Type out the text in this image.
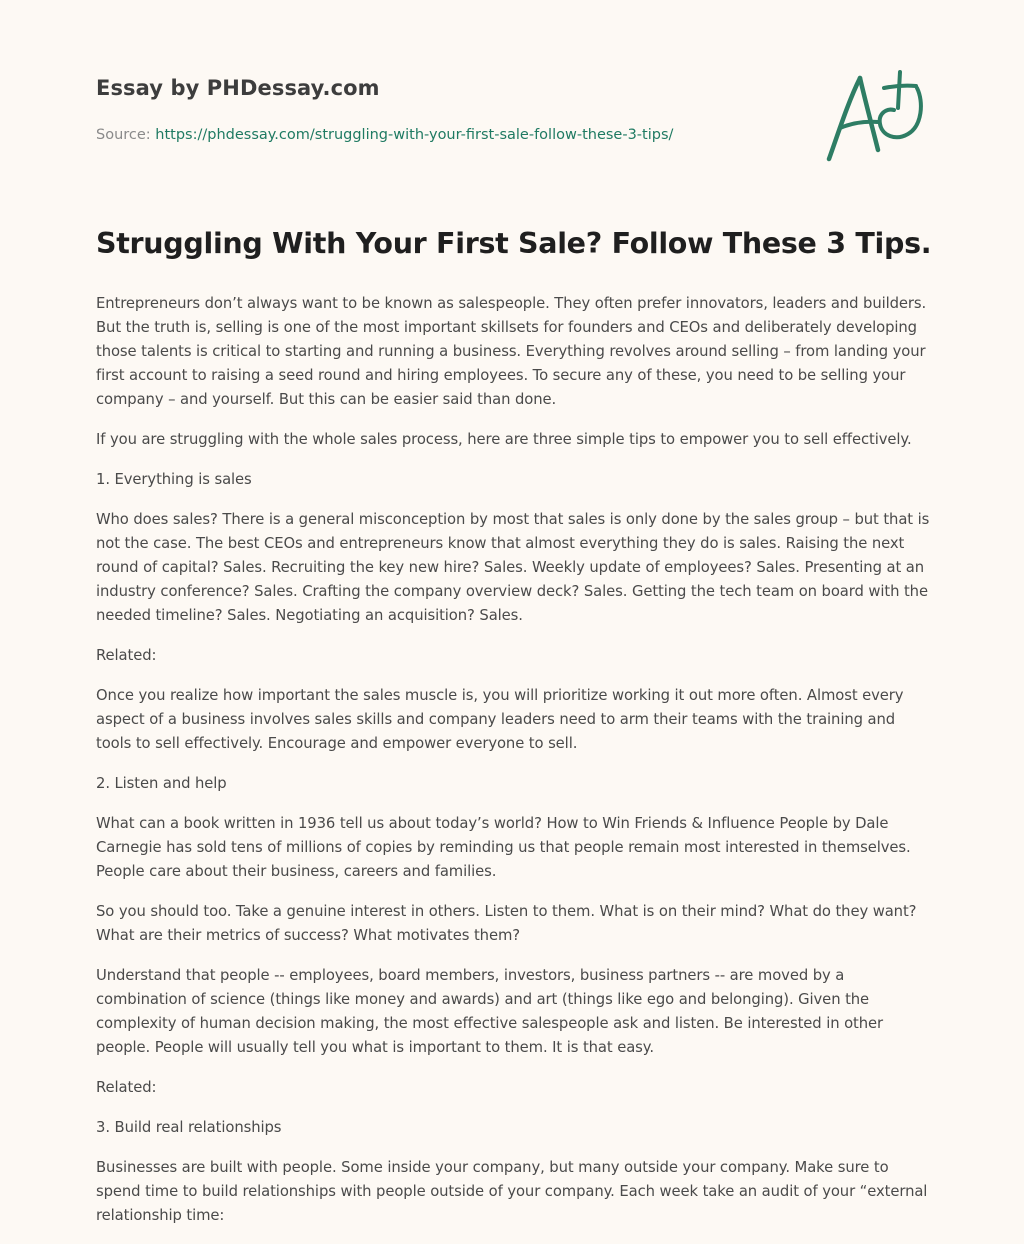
Essay by PHDessay.com
Source: https://phdessay.com/struggling-with-your-first-sale-follow-these-3-tips/
Struggling With Your First Sale? Follow These 3 Tips.

Entrepreneurs don’t always want to be known as salespeople. They often prefer innovators, leaders and builders. But the truth is, selling is one of the most important skillsets for founders and CEOs and deliberately developing those talents is critical to starting and running a business. Everything revolves around selling – from landing your first account to raising a seed round and hiring employees. To secure any of these, you need to be selling your company – and yourself. But this can be easier said than done.

If you are struggling with the whole sales process, here are three simple tips to empower you to sell effectively.

1. Everything is sales

Who does sales? There is a general misconception by most that sales is only done by the sales group – but that is not the case. The best CEOs and entrepreneurs know that almost everything they do is sales. Raising the next round of capital? Sales. Recruiting the key new hire? Sales. Weekly update of employees? Sales. Presenting at an industry conference? Sales. Crafting the company overview deck? Sales. Getting the tech team on board with the needed timeline? Sales. Negotiating an acquisition? Sales.

Related:

Once you realize how important the sales muscle is, you will prioritize working it out more often. Almost every aspect of a business involves sales skills and company leaders need to arm their teams with the training and tools to sell effectively. Encourage and empower everyone to sell.

2. Listen and help

What can a book written in 1936 tell us about today’s world? How to Win Friends & Influence People by Dale Carnegie has sold tens of millions of copies by reminding us that people remain most interested in themselves. People care about their business, careers and families.

So you should too. Take a genuine interest in others. Listen to them. What is on their mind? What do they want? What are their metrics of success? What motivates them?

Understand that people -- employees, board members, investors, business partners -- are moved by a combination of science (things like money and awards) and art (things like ego and belonging). Given the complexity of human decision making, the most effective salespeople ask and listen. Be interested in other people. People will usually tell you what is important to them. It is that easy.

Related:

3. Build real relationships

Businesses are built with people. Some inside your company, but many outside your company. Make sure to spend time to build relationships with people outside of your company. Each week take an audit of your “external relationship time:
